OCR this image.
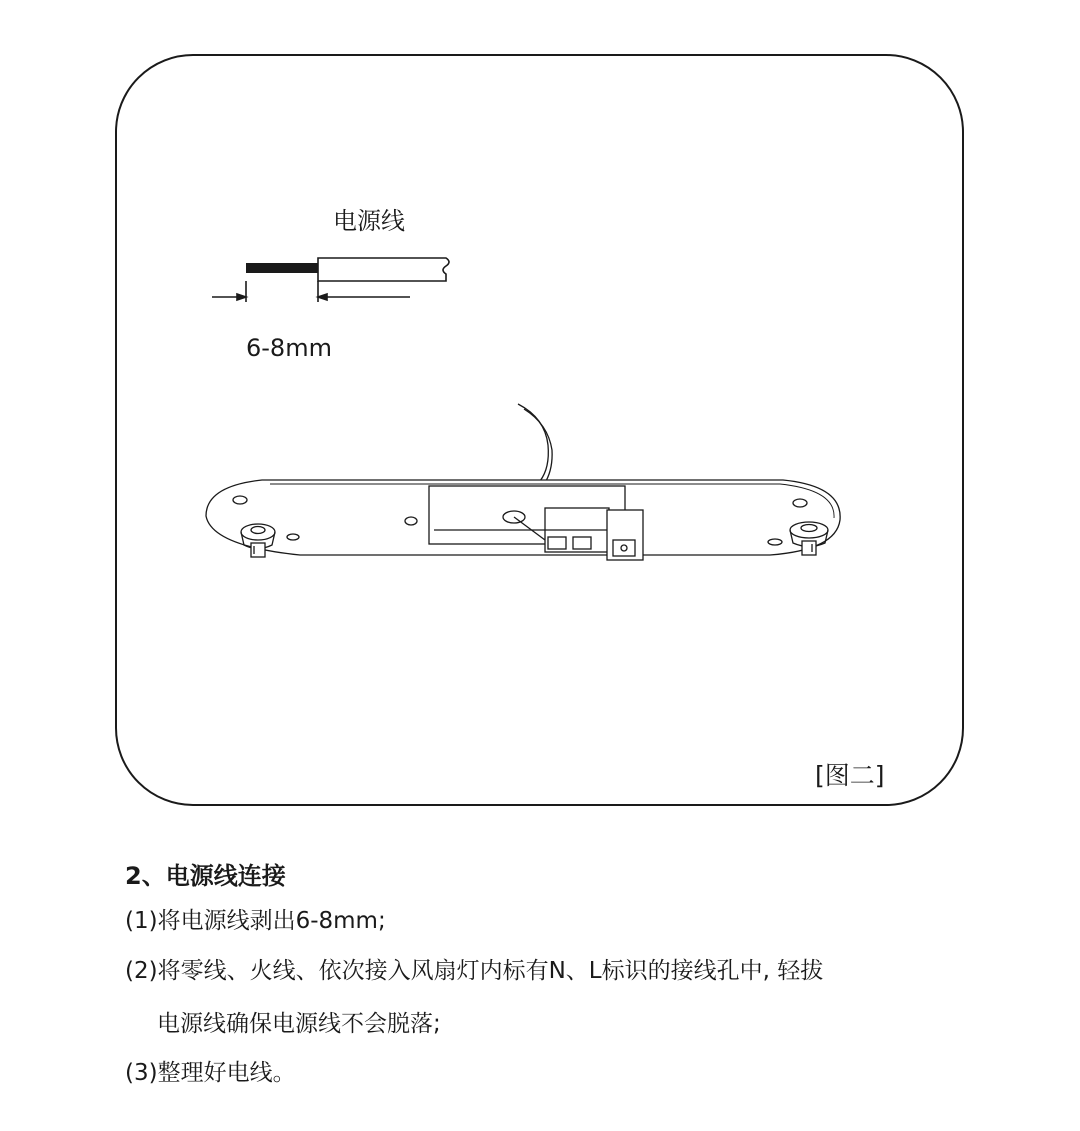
电源线
6-8mm
[图二]
2、电源线连接
(1)将电源线剥出6-8mm;
(2)将零线、火线、依次接入风扇灯内标有N、L标识的接线孔中, 轻拔
电源线确保电源线不会脱落;
(3)整理好电线。
